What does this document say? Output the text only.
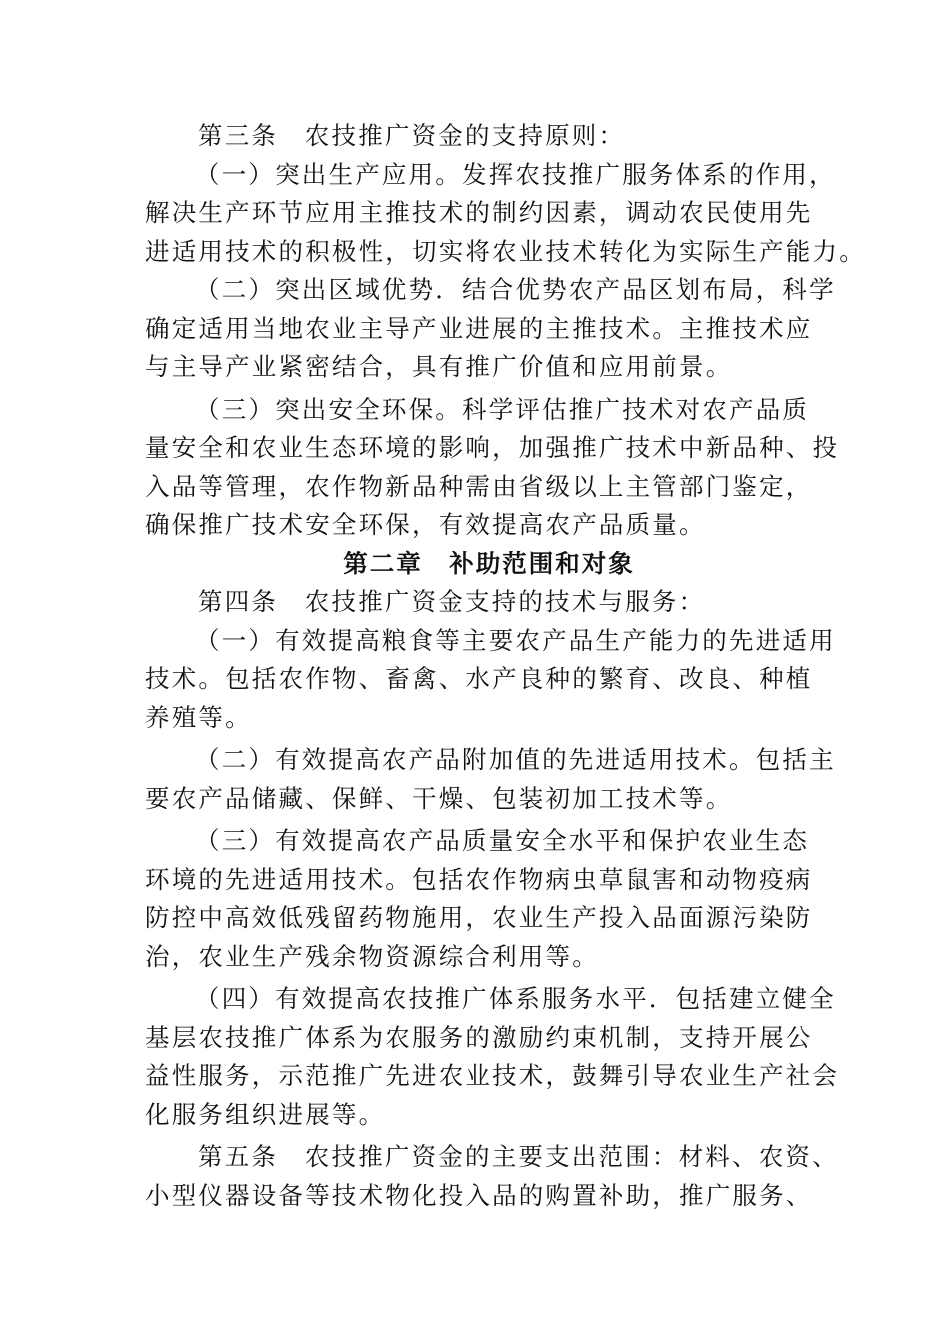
第三条　农技推广资金的支持原则：
（一）突出生产应用。发挥农技推广服务体系的作用，
解决生产环节应用主推技术的制约因素，调动农民使用先
进适用技术的积极性，切实将农业技术转化为实际生产能力。
（二）突出区域优势．结合优势农产品区划布局，科学
确定适用当地农业主导产业进展的主推技术。主推技术应
与主导产业紧密结合，具有推广价值和应用前景。
（三）突出安全环保。科学评估推广技术对农产品质
量安全和农业生态环境的影响，加强推广技术中新品种、投
入品等管理，农作物新品种需由省级以上主管部门鉴定，
确保推广技术安全环保，有效提高农产品质量。
第二章　补助范围和对象
第四条　农技推广资金支持的技术与服务：
（一）有效提高粮食等主要农产品生产能力的先进适用
技术。包括农作物、畜禽、水产良种的繁育、改良、种植
养殖等。
（二）有效提高农产品附加值的先进适用技术。包括主
要农产品储藏、保鲜、干燥、包装初加工技术等。
（三）有效提高农产品质量安全水平和保护农业生态
环境的先进适用技术。包括农作物病虫草鼠害和动物疫病
防控中高效低残留药物施用，农业生产投入品面源污染防
治，农业生产残余物资源综合利用等。
（四）有效提高农技推广体系服务水平．包括建立健全
基层农技推广体系为农服务的激励约束机制，支持开展公
益性服务，示范推广先进农业技术，鼓舞引导农业生产社会
化服务组织进展等。
第五条　农技推广资金的主要支出范围：材料、农资、
小型仪器设备等技术物化投入品的购置补助，推广服务、
